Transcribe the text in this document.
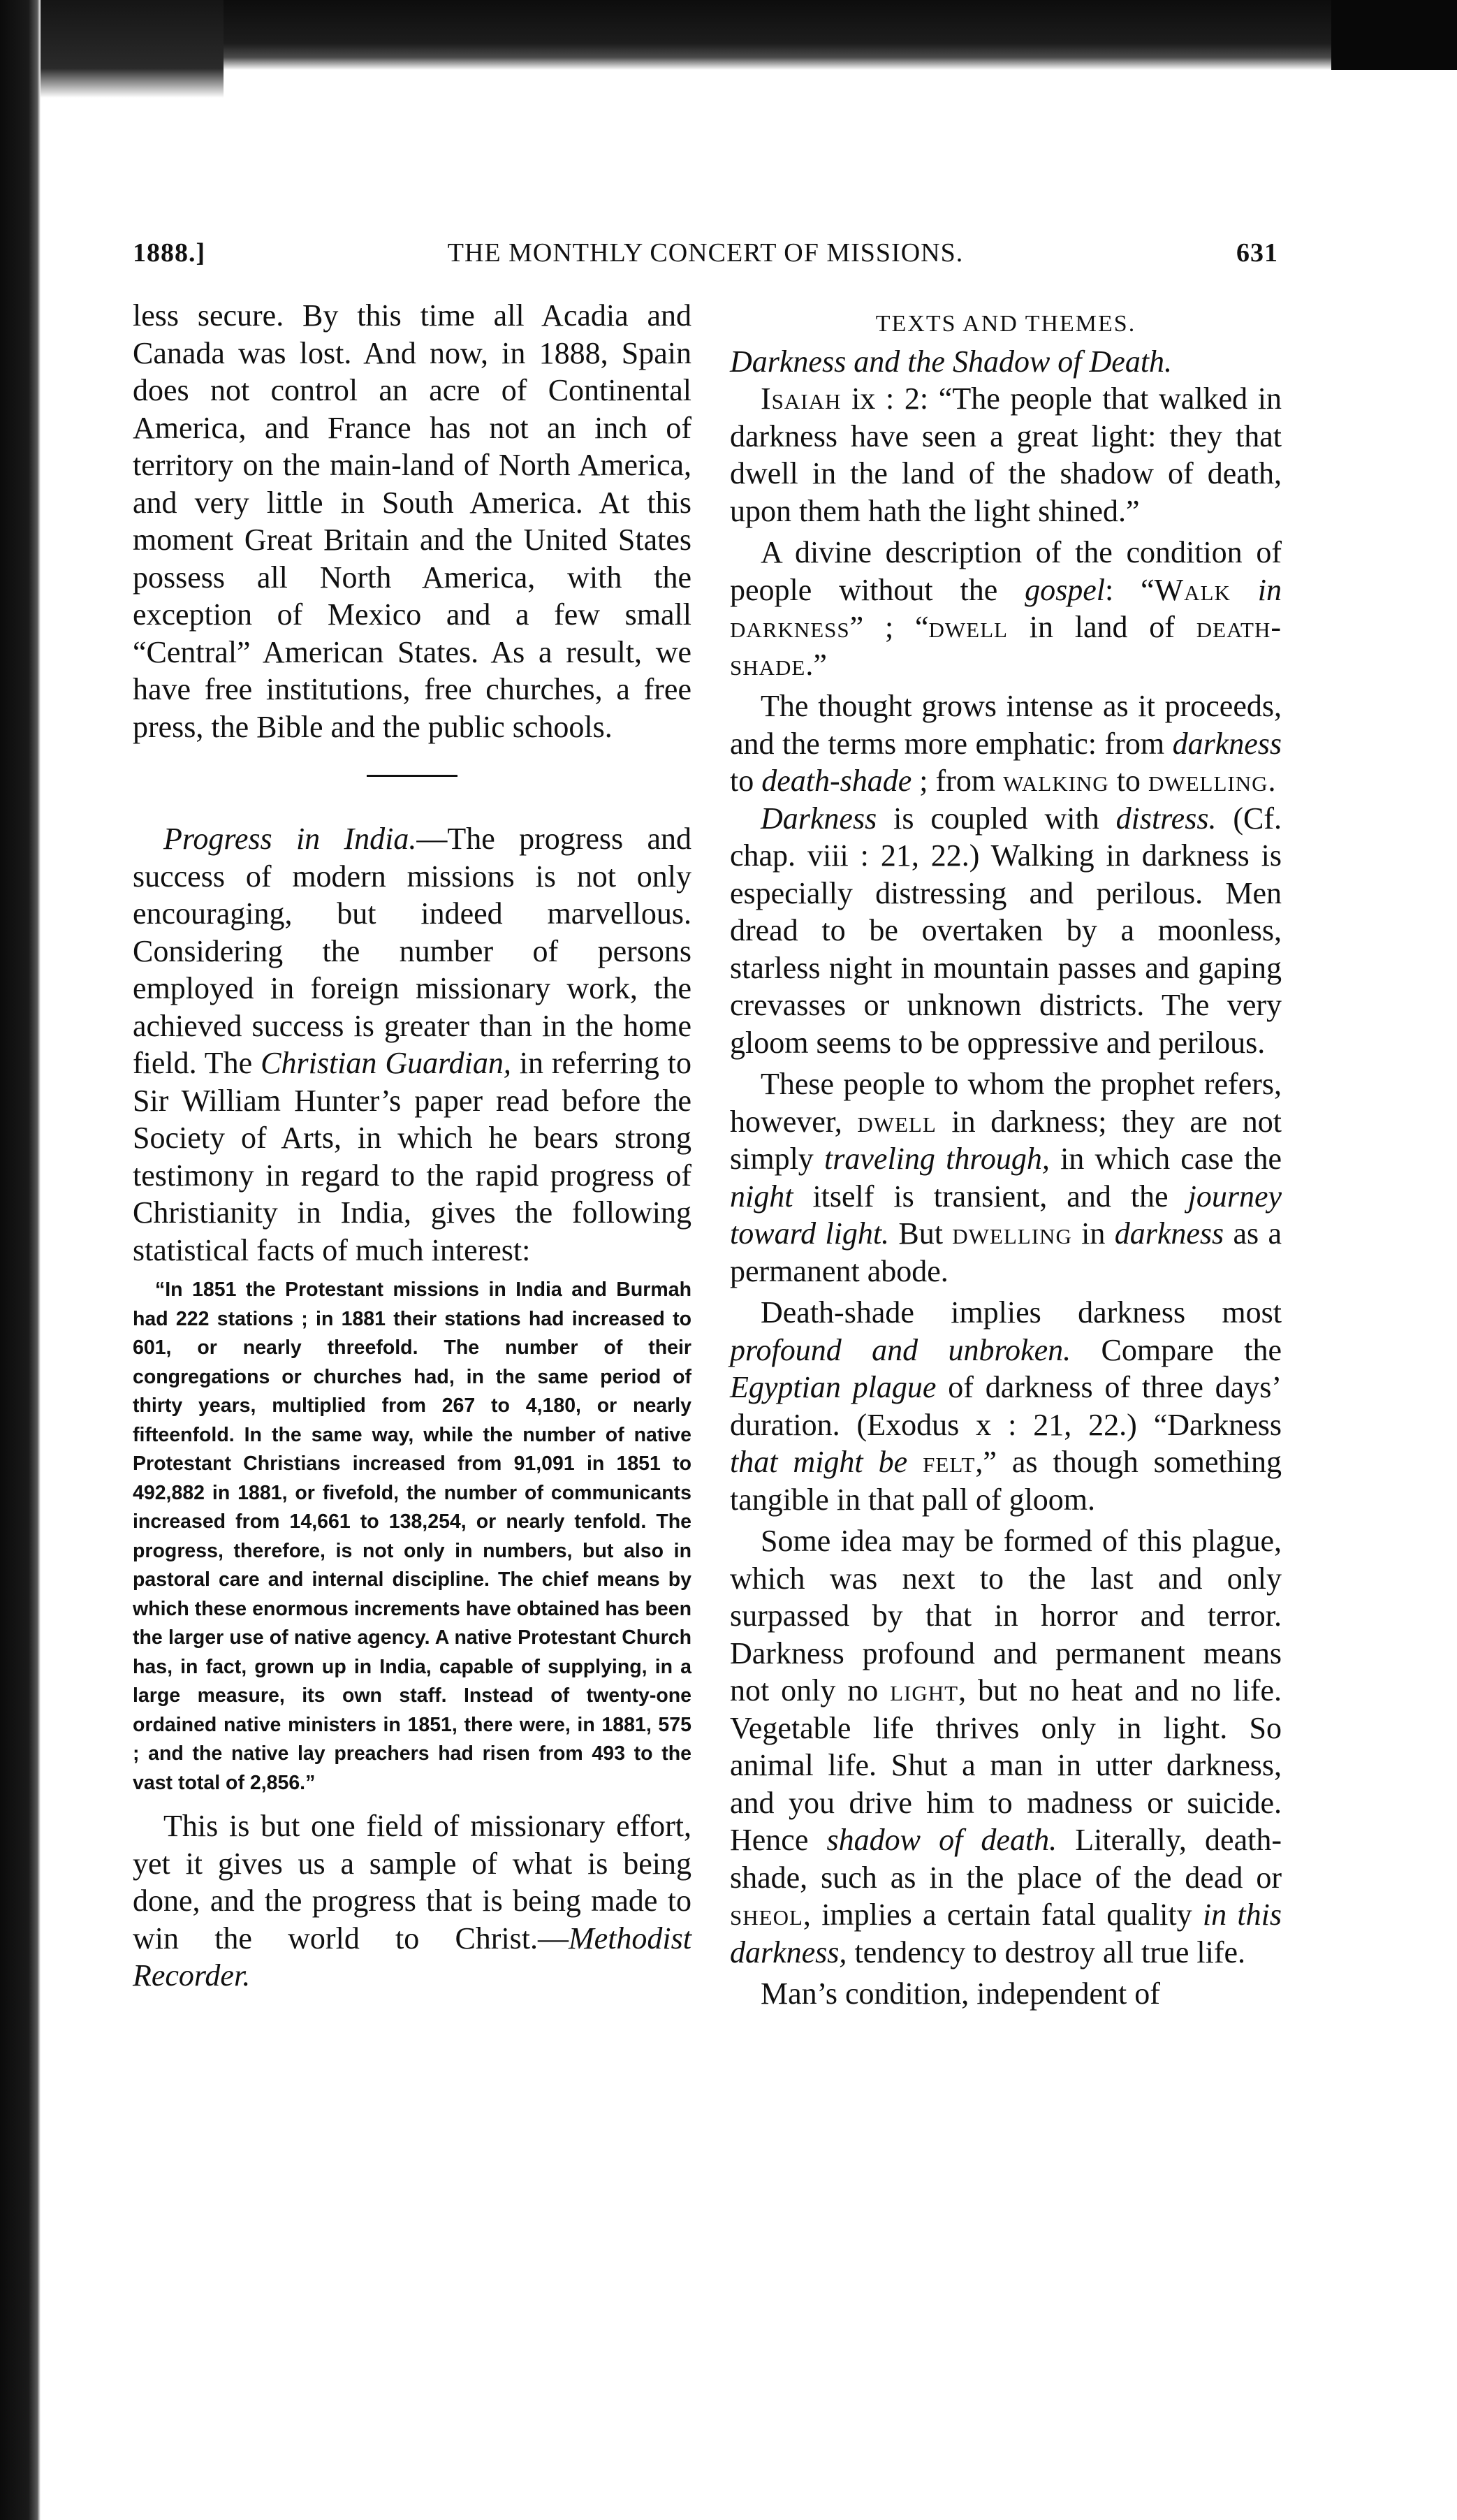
1888.]	THE MONTHLY CONCERT OF MISSIONS.	631

less secure. By this time all Acadia and Canada was lost. And now, in 1888, Spain does not control an acre of Continental America, and France has not an inch of territory on the main-land of North America, and very little in South America. At this moment Great Britain and the United States possess all North America, with the exception of Mexico and a few small “Central” American States. As a result, we have free institutions, free churches, a free press, the Bible and the public schools.

Progress in India.—The progress and success of modern missions is not only encouraging, but indeed marvellous. Considering the number of persons employed in foreign missionary work, the achieved success is greater than in the home field. The Christian Guardian, in referring to Sir William Hunter’s paper read before the Society of Arts, in which he bears strong testimony in regard to the rapid progress of Christianity in India, gives the following statistical facts of much interest:

“In 1851 the Protestant missions in India and Burmah had 222 stations ; in 1881 their stations had increased to 601, or nearly threefold. The number of their congregations or churches had, in the same period of thirty years, multiplied from 267 to 4,180, or nearly fifteenfold. In the same way, while the number of native Protestant Christians increased from 91,091 in 1851 to 492,882 in 1881, or fivefold, the number of communicants increased from 14,661 to 138,254, or nearly tenfold. The progress, therefore, is not only in numbers, but also in pastoral care and internal discipline. The chief means by which these enormous increments have obtained has been the larger use of native agency. A native Protestant Church has, in fact, grown up in India, capable of supplying, in a large measure, its own staff. Instead of twenty-one ordained native ministers in 1851, there were, in 1881, 575 ; and the native lay preachers had risen from 493 to the vast total of 2,856.”

This is but one field of missionary effort, yet it gives us a sample of what is being done, and the progress that is being made to win the world to Christ.—Methodist Recorder.

TEXTS AND THEMES.

Darkness and the Shadow of Death.

Isaiah ix : 2: “The people that walked in darkness have seen a great light: they that dwell in the land of the shadow of death, upon them hath the light shined.”

A divine description of the condition of people without the gospel: “Walk in darkness” ; “dwell in land of death-shade.”

The thought grows intense as it proceeds, and the terms more emphatic: from darkness to death-shade ; from walking to dwelling.

Darkness is coupled with distress. (Cf. chap. viii : 21, 22.) Walking in darkness is especially distressing and perilous. Men dread to be overtaken by a moonless, starless night in mountain passes and gaping crevasses or unknown districts. The very gloom seems to be oppressive and perilous.

These people to whom the prophet refers, however, dwell in darkness; they are not simply traveling through, in which case the night itself is transient, and the journey toward light. But dwelling in darkness as a permanent abode.

Death-shade implies darkness most profound and unbroken. Compare the Egyptian plague of darkness of three days’ duration. (Exodus x : 21, 22.) “Darkness that might be felt,” as though something tangible in that pall of gloom.

Some idea may be formed of this plague, which was next to the last and only surpassed by that in horror and terror. Darkness profound and permanent means not only no light, but no heat and no life. Vegetable life thrives only in light. So animal life. Shut a man in utter darkness, and you drive him to madness or suicide. Hence shadow of death. Literally, death-shade, such as in the place of the dead or sheol, implies a certain fatal quality in this darkness, tendency to destroy all true life.

Man’s condition, independent of
